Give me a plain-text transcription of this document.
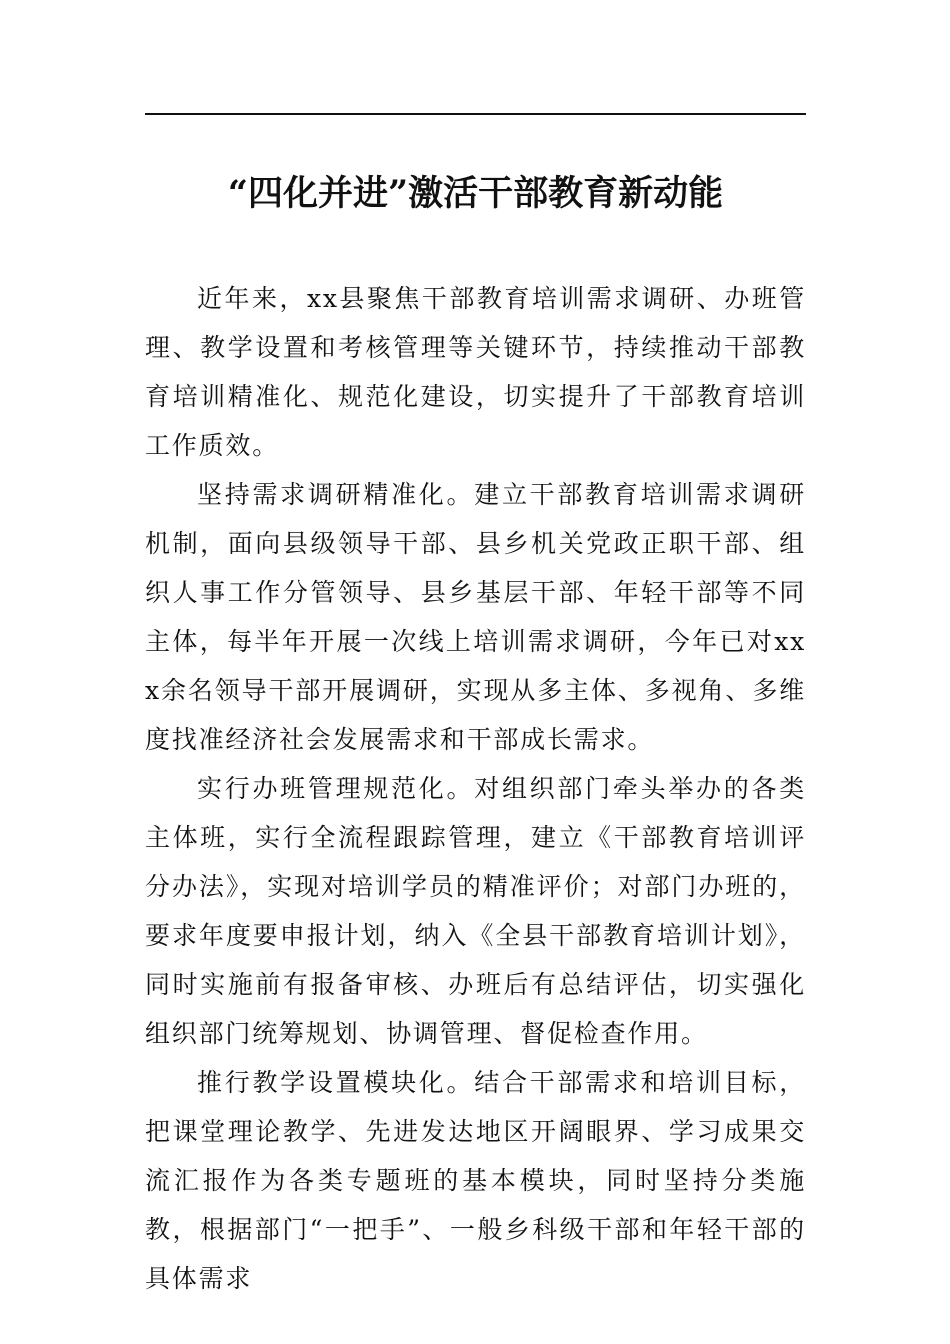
“四化并进”激活干部教育新动能

近年来，xx县聚焦干部教育培训需求调研、办班管理、教学设置和考核管理等关键环节，持续推动干部教育培训精准化、规范化建设，切实提升了干部教育培训工作质效。

坚持需求调研精准化。建立干部教育培训需求调研机制，面向县级领导干部、县乡机关党政正职干部、组织人事工作分管领导、县乡基层干部、年轻干部等不同主体，每半年开展一次线上培训需求调研，今年已对xxx余名领导干部开展调研，实现从多主体、多视角、多维度找准经济社会发展需求和干部成长需求。

实行办班管理规范化。对组织部门牵头举办的各类主体班，实行全流程跟踪管理，建立《干部教育培训评分办法》，实现对培训学员的精准评价；对部门办班的，要求年度要申报计划，纳入《全县干部教育培训计划》，同时实施前有报备审核、办班后有总结评估，切实强化组织部门统筹规划、协调管理、督促检查作用。

推行教学设置模块化。结合干部需求和培训目标，把课堂理论教学、先进发达地区开阔眼界、学习成果交流汇报作为各类专题班的基本模块，同时坚持分类施教，根据部门“一把手”、一般乡科级干部和年轻干部的具体需求
